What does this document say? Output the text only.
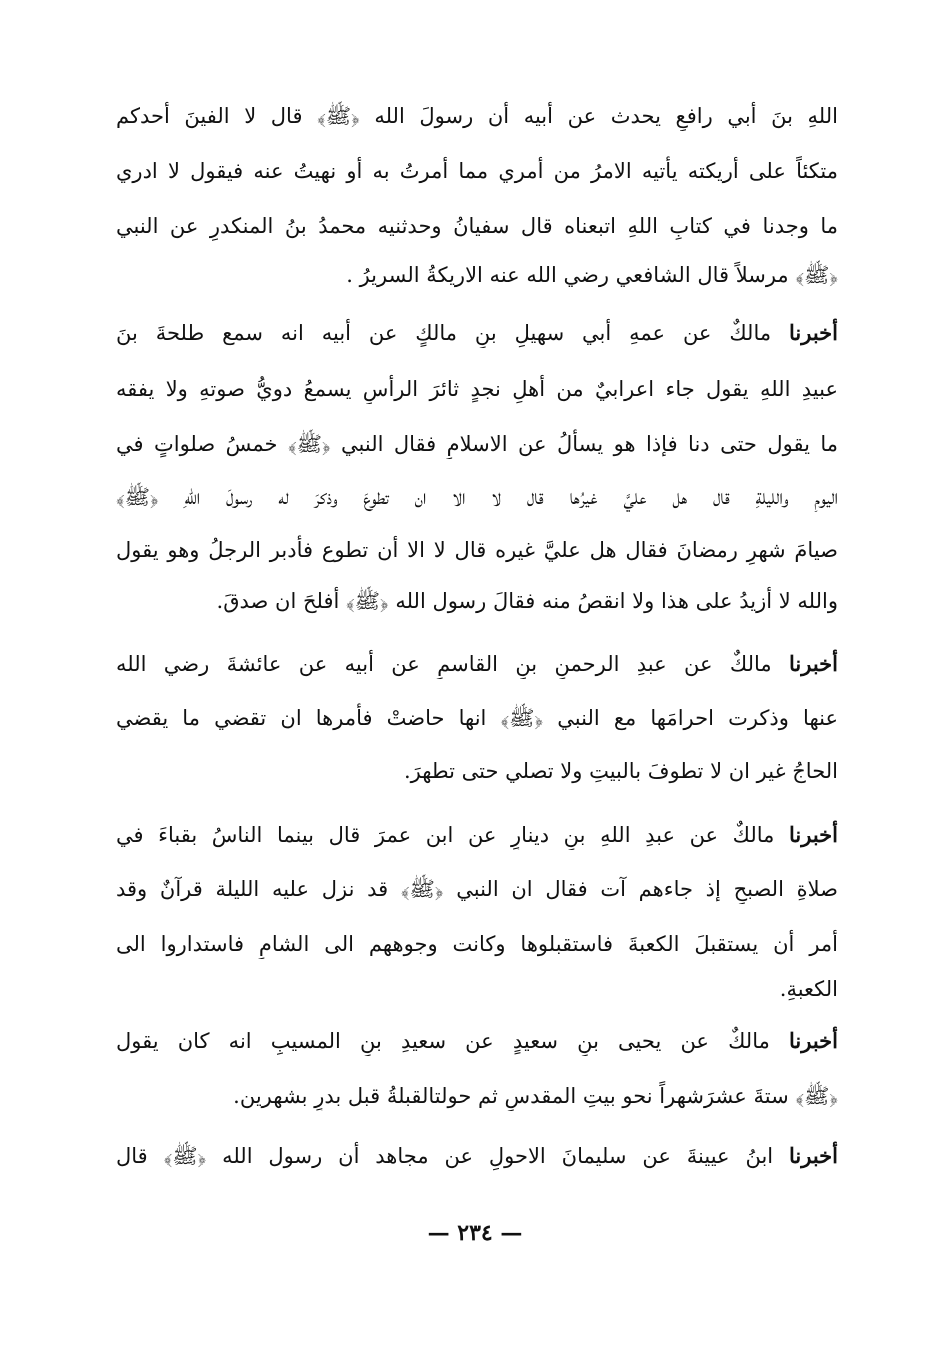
اللهِ بنَ أبي رافعٍ يحدث عن أبيه أن رسولَ الله ﴿ﷺ﴾ قال لا الفينَ أحدكم
متكئاً على أريكته يأتيه الامرُ من أمري مما أمرتُ به أو نهيتُ عنه فيقول لا ادري
ما وجدنا في كتابِ اللهِ اتبعناه قال سفيانُ وحدثنيه محمدُ بنُ المنكدرِ عن النبي
﴿ﷺ﴾ مرسلاً قال الشافعي رضي الله عنه الاريكةُ السريرُ .
أخبرنا مالكٌ عن عمهِ أبي سهيلِ بنِ مالكٍ عن أبيه انه سمع طلحةَ بنَ
عبيدِ اللهِ يقول جاء اعرابيٌ من أهلِ نجدٍ ثائرَ الرأسِ يسمعُ دويُّ صوتهِ ولا يفقه
ما يقول حتى دنا فإذا هو يسألُ عن الاسلامِ فقال النبي ﴿ﷺ﴾ خمسُ صلواتٍ في
اليومِ والليلةِ قال هل عليَّ غيرُها قال لا الا ان تطوعَ وذكرَ له رسولَ اللهِ ﴿ﷺ﴾
صيامَ شهرِ رمضانَ فقال هل عليَّ غيره قال لا الا أن تطوع فأدبر الرجلُ وهو يقول
والله لا أزيدُ على هذا ولا انقصُ منه فقالَ رسول الله ﴿ﷺ﴾ أفلحَ ان صدقَ.
أخبرنا مالكٌ عن عبدِ الرحمنِ بنِ القاسمِ عن أبيه عن عائشةَ رضي الله
عنها وذكرت احرامَها مع النبي ﴿ﷺ﴾ انها حاضتْ فأمرها ان تقضي ما يقضي
الحاجُ غير ان لا تطوفَ بالبيتِ ولا تصلي حتى تطهرَ.
أخبرنا مالكٌ عن عبدِ اللهِ بنِ دينارٍ عن ابن عمرَ قال بينما الناسُ بقباءَ في
صلاةِ الصبحِ إذ جاءهم آت فقال ان النبي ﴿ﷺ﴾ قد نزل عليه الليلة قرآنٌ وقد
أمر أن يستقبلَ الكعبةَ فاستقبلوها وكانت وجوههم الى الشامِ فاستداروا الى
الكعبةِ.
أخبرنا مالكٌ عن يحيى بنِ سعيدٍ عن سعيدِ بنِ المسيبِ انه كان يقول
﴿ﷺ﴾ ستةَ عشرَشهراً نحو بيتِ المقدسِ ثم حولتالقبلةُ قبل بدرٍ بشهرين.
أخبرنا ابنُ عيينةَ عن سليمانَ الاحولِ عن مجاهد أن رسول الله ﴿ﷺ﴾ قال
— ٢٣٤ —
